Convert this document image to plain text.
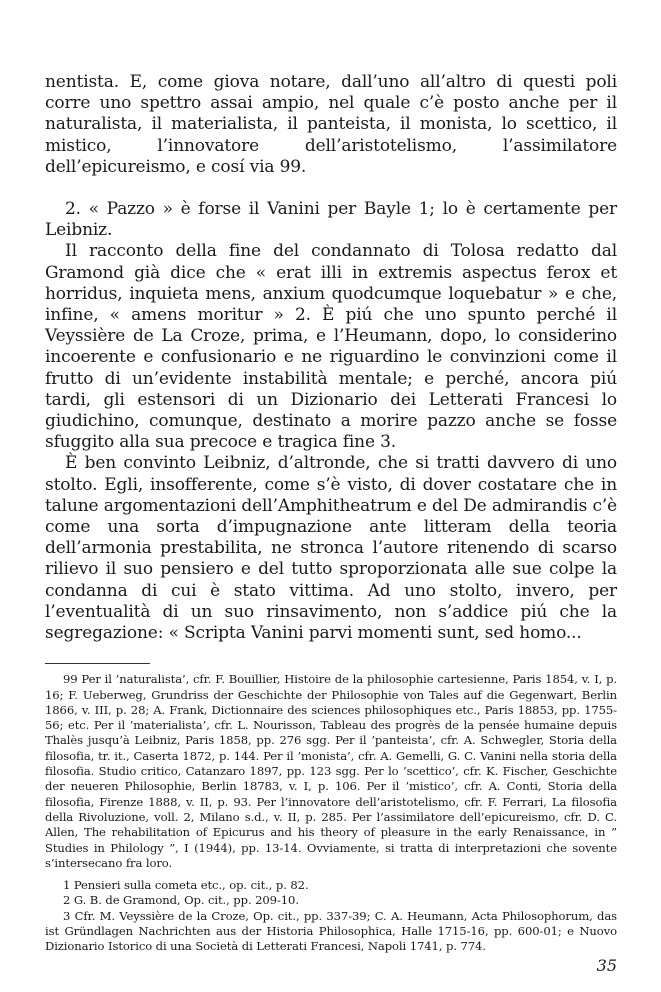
nentista. E, come giova notare, dall’uno all’altro di questi poli corre uno spettro assai ampio, nel quale c’è posto anche per il naturalista, il materialista, il panteista, il monista, lo scettico, il mistico, l’innovatore dell’aristotelismo, l’assimilatore dell’epicureismo, e cosí via 99.

2. « Pazzo » è forse il Vanini per Bayle 1; lo è certamente per Leibniz.

Il racconto della fine del condannato di Tolosa redatto dal Gramond già dice che « erat illi in extremis aspectus ferox et horridus, inquieta mens, anxium quodcumque loquebatur » e che, infine, « amens moritur » 2. È piú che uno spunto perché il Veyssière de La Croze, prima, e l’Heumann, dopo, lo considerino incoerente e confusionario e ne riguardino le convinzioni come il frutto di un’evidente instabilità mentale; e perché, ancora piú tardi, gli estensori di un Dizionario dei Letterati Francesi lo giudichino, comunque, destinato a morire pazzo anche se fosse sfuggito alla sua precoce e tragica fine 3.

È ben convinto Leibniz, d’altronde, che si tratti davvero di uno stolto. Egli, insofferente, come s’è visto, di dover costatare che in talune argomentazioni dell’Amphitheatrum e del De admirandis c’è come una sorta d’impugnazione ante litteram della teoria dell’armonia prestabilita, ne stronca l’autore ritenendo di scarso rilievo il suo pensiero e del tutto sproporzionata alle sue colpe la condanna di cui è stato vittima. Ad uno stolto, invero, per l’eventualità di un suo rinsavimento, non s’addice piú che la segregazione: « Scripta Vanini parvi momenti sunt, sed homo...

99 Per il ’naturalista’, cfr. F. Bouillier, Histoire de la philosophie cartesienne, Paris 1854, v. I, p. 16; F. Ueberweg, Grundriss der Geschichte der Philosophie von Tales auf die Gegenwart, Berlin 1866, v. III, p. 28; A. Frank, Dictionnaire des sciences philosophiques etc., Paris 18853, pp. 1755-56; etc. Per il ’materialista’, cfr. L. Nourisson, Tableau des progrès de la pensée humaine depuis Thalès jusqu’à Leibniz, Paris 1858, pp. 276 sgg. Per il ’panteista’, cfr. A. Schwegler, Storia della filosofia, tr. it., Caserta 1872, p. 144. Per il ’monista’, cfr. A. Gemelli, G. C. Vanini nella storia della filosofia. Studio critico, Catanzaro 1897, pp. 123 sgg. Per lo ’scettico’, cfr. K. Fischer, Geschichte der neueren Philosophie, Berlin 18783, v. I, p. 106. Per il ’mistico’, cfr. A. Conti, Storia della filosofia, Firenze 1888, v. II, p. 93. Per l’innovatore dell’aristotelismo, cfr. F. Ferrari, La filosofia della Rivoluzione, voll. 2, Milano s.d., v. II, p. 285. Per l’assimilatore dell’epicureismo, cfr. D. C. Allen, The rehabilitation of Epicurus and his theory of pleasure in the early Renaissance, in ” Studies in Philology ”, I (1944), pp. 13-14. Ovviamente, si tratta di interpretazioni che sovente s’intersecano fra loro.

1 Pensieri sulla cometa etc., op. cit., p. 82.

2 G. B. de Gramond, Op. cit., pp. 209-10.

3 Cfr. M. Veyssière de la Croze, Op. cit., pp. 337-39; C. A. Heumann, Acta Philosophorum, das ist Gründlagen Nachrichten aus der Historia Philosophica, Halle 1715-16, pp. 600-01; e Nuovo Dizionario Istorico di una Società di Letterati Francesi, Napoli 1741, p. 774.

35
